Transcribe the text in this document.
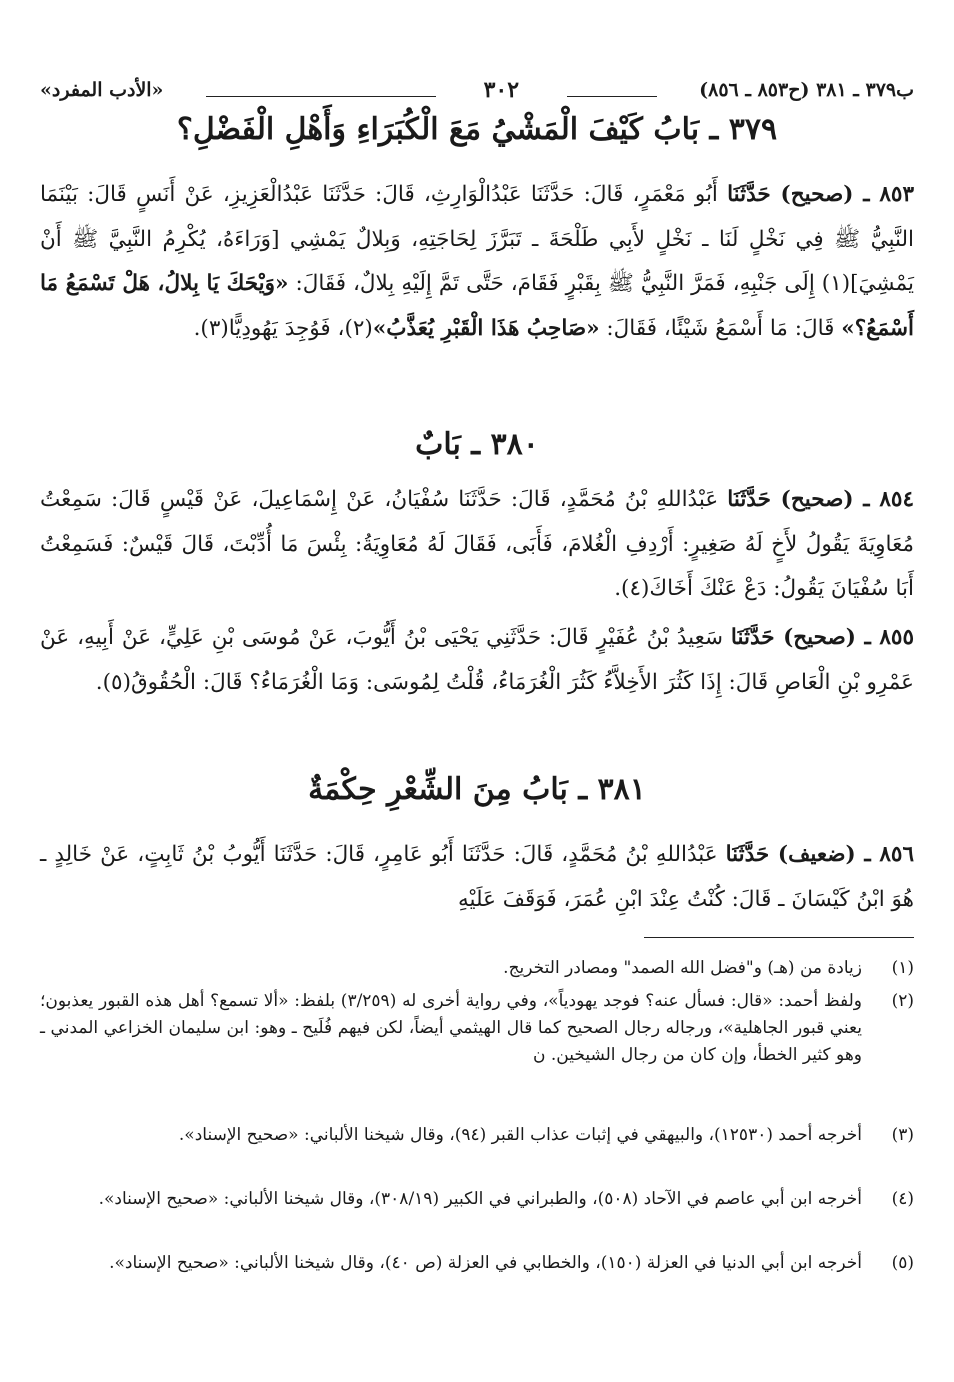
ب٣٧٩ ـ ٣٨١ (ح٨٥٣ ـ ٨٥٦)
٣٠٢
«الأدب المفرد»
٣٧٩ ـ بَابُ كَيْفَ الْمَشْيُ مَعَ الْكُبَرَاءِ وَأَهْلِ الْفَضْلِ؟
٨٥٣ ـ (صحيح) حَدَّثَنَا أَبُو مَعْمَرٍ، قَالَ: حَدَّثَنَا عَبْدُالْوَارِثِ، قَالَ: حَدَّثَنَا عَبْدُالْعَزِيزِ، عَنْ أَنَسٍ قَالَ: بَيْنَمَا النَّبِيُّ ﷺ فِي نَخْلٍ لَنَا ـ نَخْلٍ لأَبِي طَلْحَةَ ـ تَبَرَّزَ لِحَاجَتِهِ، وَبِلالٌ يَمْشِي [وَرَاءَهُ، يُكْرِمُ النَّبِيَّ ﷺ أَنْ يَمْشِيَ](١) إِلَى جَنْبِهِ، فَمَرَّ النَّبِيُّ ﷺ بِقَبْرٍ فَقَامَ، حَتَّى تَمَّ إِلَيْهِ بِلالٌ، فَقَالَ: «وَيْحَكَ يَا بِلالُ، هَلْ تَسْمَعُ مَا أَسْمَعُ؟» قَالَ: مَا أَسْمَعُ شَيْئًا، فَقَالَ: «صَاحِبُ هَذَا الْقَبْرِ يُعَذَّبُ»(٢)، فَوُجِدَ يَهُودِيًّا(٣).
٣٨٠ ـ بَابٌ
٨٥٤ ـ (صحيح) حَدَّثَنَا عَبْدُاللهِ بْنُ مُحَمَّدٍ، قَالَ: حَدَّثَنَا سُفْيَانُ، عَنْ إِسْمَاعِيلَ، عَنْ قَيْسٍ قَالَ: سَمِعْتُ مُعَاوِيَةَ يَقُولُ لأَخٍ لَهُ صَغِيرٍ: أَرْدِفِ الْغُلامَ، فَأَبَى، فَقَالَ لَهُ مُعَاوِيَةُ: بِئْسَ مَا أُدِّبْتَ، قَالَ قَيْسٌ: فَسَمِعْتُ أَبَا سُفْيَانَ يَقُولُ: دَعْ عَنْكَ أَخَاكَ(٤).
٨٥٥ ـ (صحيح) حَدَّثَنَا سَعِيدُ بْنُ عُفَيْرٍ قَالَ: حَدَّثَنِي يَحْيَى بْنُ أَيُّوبَ، عَنْ مُوسَى بْنِ عَلِيٍّ، عَنْ أَبِيهِ، عَنْ عَمْرِو بْنِ الْعَاصِ قَالَ: إِذَا كَثُرَ الأَخِلاَّءُ كَثُرَ الْغُرَمَاءُ، قُلْتُ لِمُوسَى: وَمَا الْغُرَمَاءُ؟ قَالَ: الْحُقُوقُ(٥).
٣٨١ ـ بَابُ مِنَ الشِّعْرِ حِكْمَةٌ
٨٥٦ ـ (ضعيف) حَدَّثَنَا عَبْدُاللهِ بْنُ مُحَمَّدٍ، قَالَ: حَدَّثَنَا أَبُو عَامِرٍ، قَالَ: حَدَّثَنَا أَيُّوبُ بْنُ ثَابِتٍ، عَنْ خَالِدٍ ـ هُوَ ابْنُ كَيْسَانَ ـ قَالَ: كُنْتُ عِنْدَ ابْنِ عُمَرَ، فَوَقَفَ عَلَيْهِ
(١)
زيادة من (هـ) و"فضل الله الصمد" ومصادر التخريج.
(٢)
ولفظ أحمد: «قال: فسأل عنه؟ فوجد يهودياً»، وفي رواية أخرى له (٣/٢٥٩) بلفظ: «ألا تسمع؟ أهل هذه القبور يعذبون؛ يعني قبور الجاهلية»، ورجاله رجال الصحيح كما قال الهيثمي أيضاً، لكن فيهم فُلَيح ـ وهو: ابن سليمان الخزاعي المدني ـ وهو كثير الخطأ، وإن كان من رجال الشيخين. ن
(٣)
أخرجه أحمد (١٢٥٣٠)، والبيهقي في إثبات عذاب القبر (٩٤)، وقال شيخنا الألباني: «صحيح الإسناد».
(٤)
أخرجه ابن أبي عاصم في الآحاد (٥٠٨)، والطبراني في الكبير (٣٠٨/١٩)، وقال شيخنا الألباني: «صحيح الإسناد».
(٥)
أخرجه ابن أبي الدنيا في العزلة (١٥٠)، والخطابي في العزلة (ص ٤٠)، وقال شيخنا الألباني: «صحيح الإسناد».
